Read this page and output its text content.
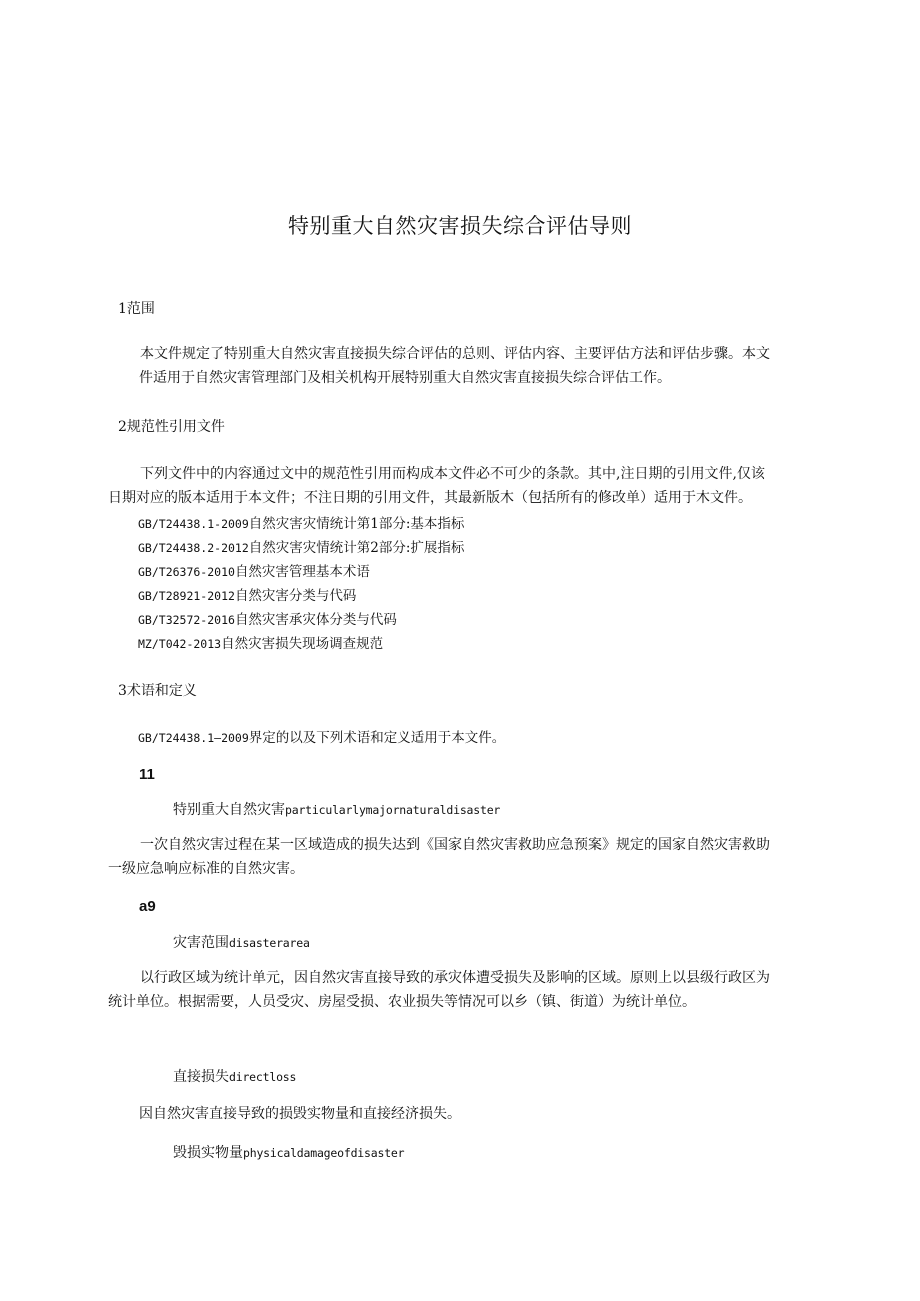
特别重大自然灾害损失综合评估导则
1范围
本文件规定了特别重大自然灾害直接损失综合评估的总则、评估内容、主要评估方法和评估步骤。本文
件适用于自然灾害管理部门及相关机构开展特别重大自然灾害直接损失综合评估工作。
2规范性引用文件
下列文件中的内容通过文中的规范性引用而构成本文件必不可少的条款。其中,注日期的引用文件,仅该
日期对应的版本适用于本文件；不注日期的引用文件，其最新版木（包括所有的修改单）适用于木文件。
GB/T24438.1-2009自然灾害灾情统计第1部分:基本指标
GB/T24438.2-2012自然灾害灾情统计第2部分:扩展指标
GB/T26376-2010自然灾害管理基本术语
GB/T28921-2012自然灾害分类与代码
GB/T32572-2016自然灾害承灾体分类与代码
MZ/T042-2013自然灾害损失现场调查规范
3术语和定义
GB/T24438.1—2009界定的以及下列术语和定义适用于本文件。
11
特别重大自然灾害particularlymajornaturaldisaster
一次自然灾害过程在某一区域造成的损失达到《国家自然灾害救助应急预案》规定的国家自然灾害救助
一级应急响应标准的自然灾害。
a9
灾害范围disasterarea
以行政区域为统计单元，因自然灾害直接导致的承灾体遭受损失及影响的区域。原则上以县级行政区为
统计单位。根据需要，人员受灾、房屋受损、农业损失等情况可以乡（镇、街道）为统计单位。
直接损失directloss
因自然灾害直接导致的损毁实物量和直接经济损失。
毁损实物量physicaldamageofdisaster
